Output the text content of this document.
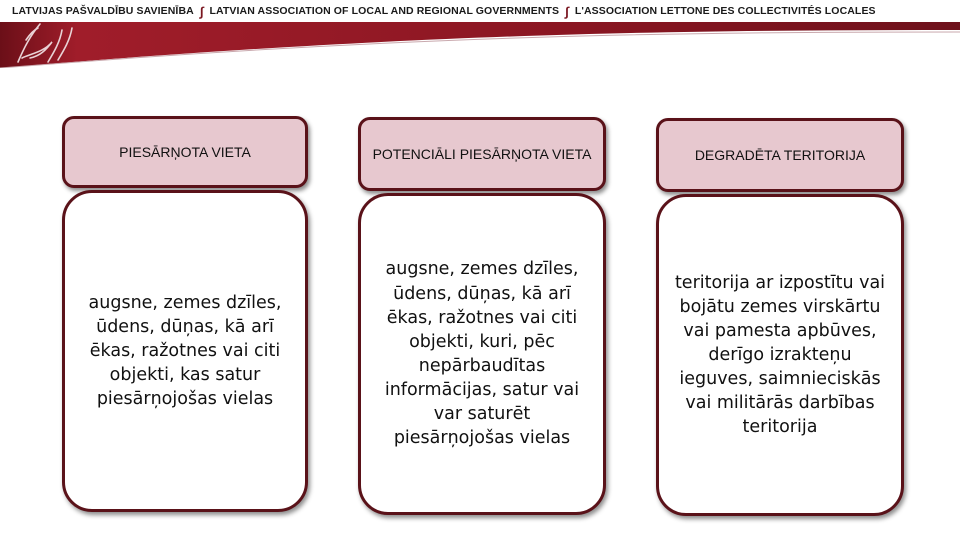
LATVIJAS PAŠVALDĪBU SAVIENĪBA ∫ LATVIAN ASSOCIATION OF LOCAL AND REGIONAL GOVERNMENTS ∫ L'ASSOCIATION LETTONE DES COLLECTIVITÉS LOCALES
PIESĀRŅOTA VIETA
augsne, zemes dzīles, ūdens, dūņas, kā arī ēkas, ražotnes vai citi objekti, kas satur piesārņojošas vielas
POTENCIĀLI PIESĀRŅOTA VIETA
augsne, zemes dzīles, ūdens, dūņas, kā arī ēkas, ražotnes vai citi objekti, kuri, pēc nepārbaudītas informācijas, satur vai var saturēt piesārņojošas vielas
DEGRADĒTA TERITORIJA
teritorija ar izpostītu vai bojātu zemes virskārtu vai pamesta apbūves, derīgo izrakteņu ieguves, saimnieciskās vai militārās darbības teritorija
